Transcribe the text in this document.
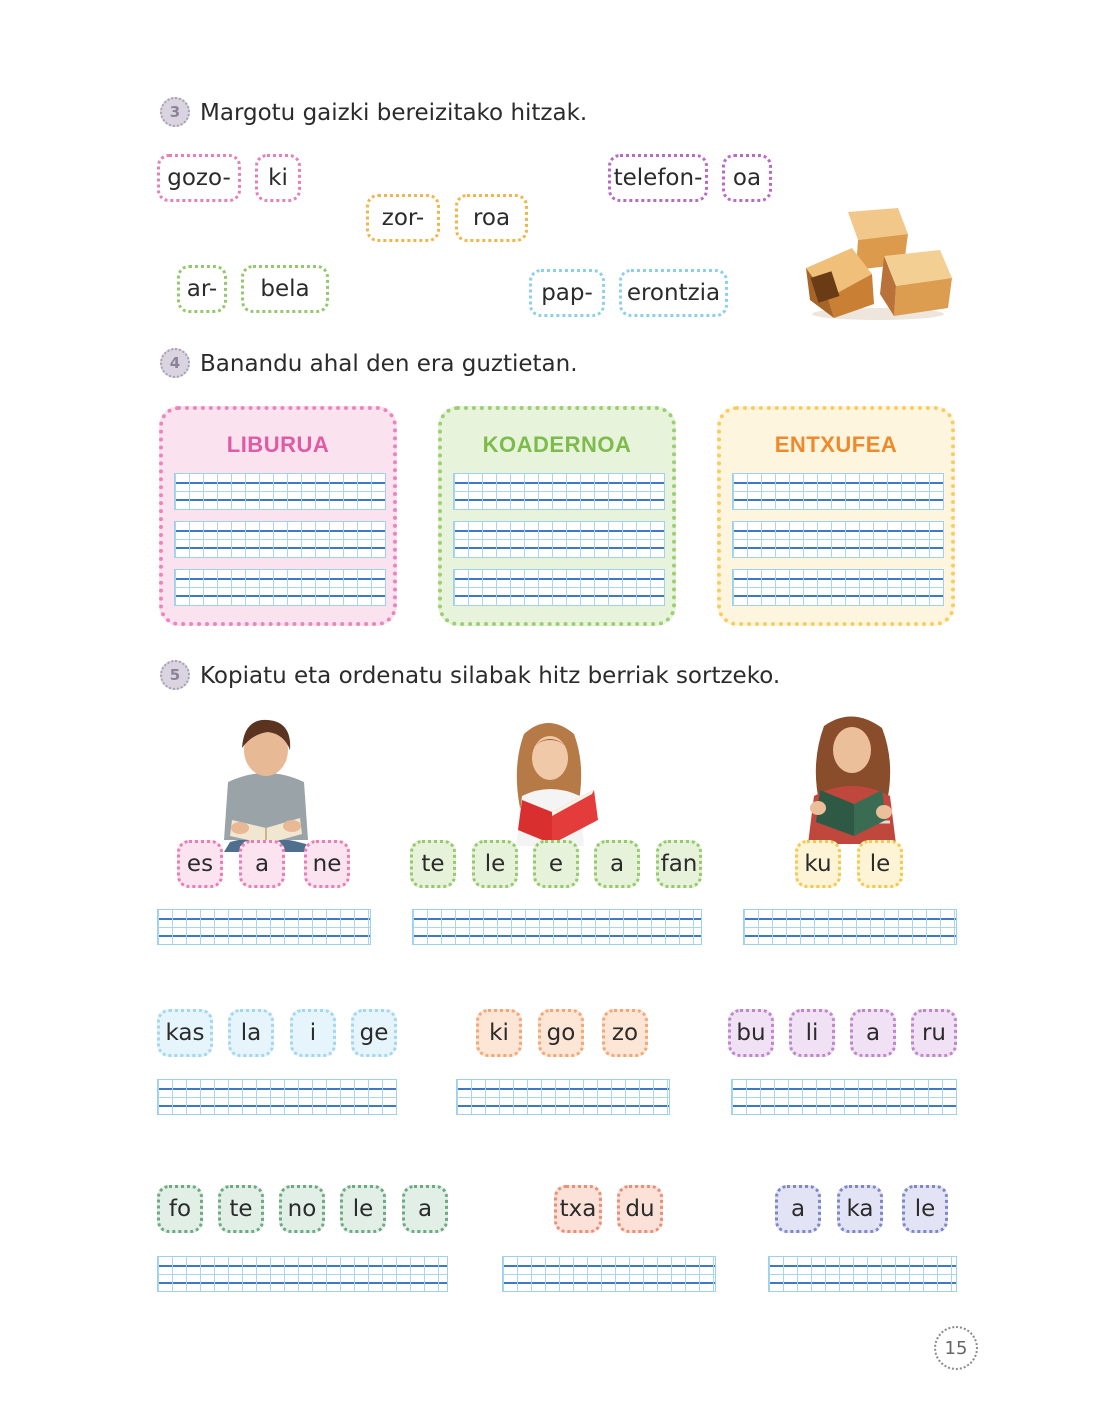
3 Margotu gaizki bereizitako hitzak.
gozo-	ki
zor-	roa
telefon-	oa
ar-	bela	pap-	erontzia
4 Banandu ahal den era guztietan.
LIBURUA	KOADERNOA	ENTXUFEA
5 Kopiatu eta ordenatu silabak hitz berriak sortzeko.
es	a	ne	te	le	e	a	fan	ku	le
kas	la	i	ge	ki	go	zo	bu	li	a	ru
fo	te	no	le	a	txa	du	a	ka	le
15
